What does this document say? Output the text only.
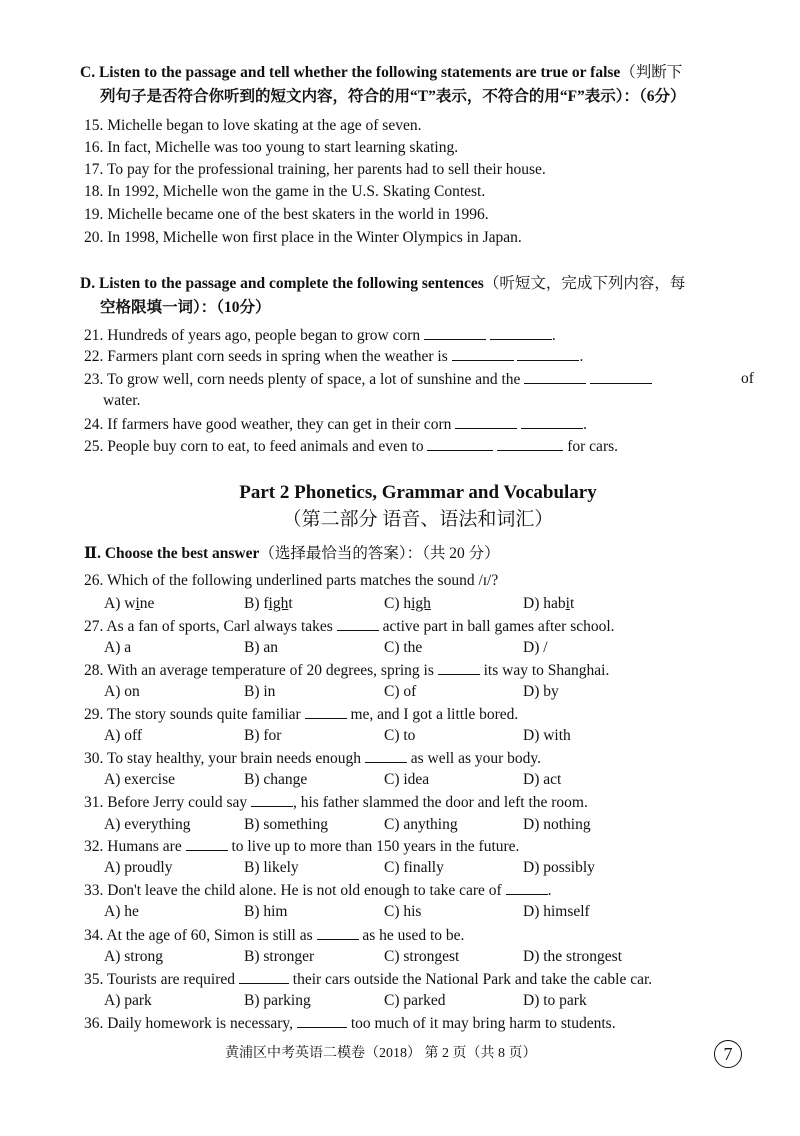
C. Listen to the passage and tell whether the following statements are true or false（判断下
列句子是否符合你听到的短文内容，符合的用“T”表示，不符合的用“F”表示）：（6分）
15. Michelle began to love skating at the age of seven.
16. In fact, Michelle was too young to start learning skating.
17. To pay for the professional training, her parents had to sell their house.
18. In 1992, Michelle won the game in the U.S. Skating Contest.
19. Michelle became one of the best skaters in the world in 1996.
20. In 1998, Michelle won first place in the Winter Olympics in Japan.
D. Listen to the passage and complete the following sentences（听短文，完成下列内容，每
空格限填一词）：（10分）
21. Hundreds of years ago, people began to grow corn	.
22. Farmers plant corn seeds in spring when the weather is	.
23. To grow well, corn needs plenty of space, a lot of sunshine and the	of
water.
24. If farmers have good weather, they can get in their corn	.
25. People buy corn to eat, to feed animals and even to	for cars.
Part 2 Phonetics, Grammar and Vocabulary
（第二部分 语音、语法和词汇）
Ⅱ. Choose the best answer（选择最恰当的答案）：（共 20 分）
26. Which of the following underlined parts matches the sound /ɪ/?
A) wine	B) fight	C) high	D) habit
27. As a fan of sports, Carl always takes	active part in ball games after school.
A) a	B) an	C) the	D) /
28. With an average temperature of 20 degrees, spring is	its way to Shanghai.
A) on	B) in	C) of	D) by
29. The story sounds quite familiar	me, and I got a little bored.
A) off	B) for	C) to	D) with
30. To stay healthy, your brain needs enough	as well as your body.
A) exercise	B) change	C) idea	D) act
31. Before Jerry could say	, his father slammed the door and left the room.
A) everything	B) something	C) anything	D) nothing
32. Humans are	to live up to more than 150 years in the future.
A) proudly	B) likely	C) finally	D) possibly
33. Don't leave the child alone. He is not old enough to take care of	.
A) he	B) him	C) his	D) himself
34. At the age of 60, Simon is still as	as he used to be.
A) strong	B) stronger	C) strongest	D) the strongest
35. Tourists are required	their cars outside the National Park and take the cable car.
A) park	B) parking	C) parked	D) to park
36. Daily homework is necessary,	too much of it may bring harm to students.
黄浦区中考英语二模卷（2018） 第 2 页（共 8 页）	7
